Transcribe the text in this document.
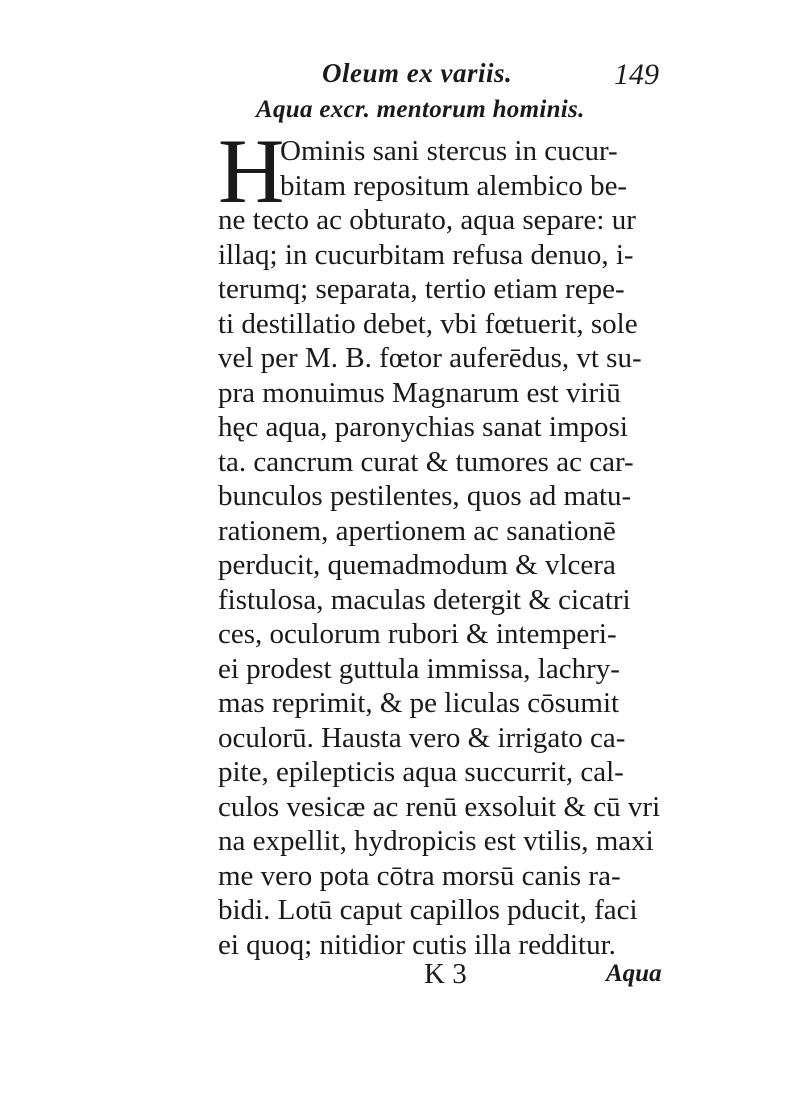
Oleum ex variis.	149
Aqua excr. mentorum hominis.
H
Ominis sani stercus in cucur-
bitam repositum alembico be-
ne tecto ac obturato, aqua separe: ur
illaq; in cucurbitam refusa denuo, i-
terumq; separata, tertio etiam repe-
ti destillatio debet, vbi fœtuerit, sole
vel per M. B. fœtor auferēdus, vt su-
pra monuimus Magnarum est viriū
hęc aqua, paronychias sanat imposi
ta. cancrum curat & tumores ac car-
bunculos pestilentes, quos ad matu-
rationem, apertionem ac sanationē
perducit, quemadmodum & vlcera
fistulosa, maculas detergit & cicatri
ces, oculorum rubori & intemperi-
ei prodest guttula immissa, lachry-
mas reprimit, & pe liculas cōsumit
oculorū. Hausta vero & irrigato ca-
pite, epilepticis aqua succurrit, cal-
culos vesicæ ac renū exsoluit & cū vri
na expellit, hydropicis est vtilis, maxi
me vero pota cōtra morsū canis ra-
bidi. Lotū caput capillos pducit, faci
ei quoq; nitidior cutis illa redditur.
K 3	Aqua
